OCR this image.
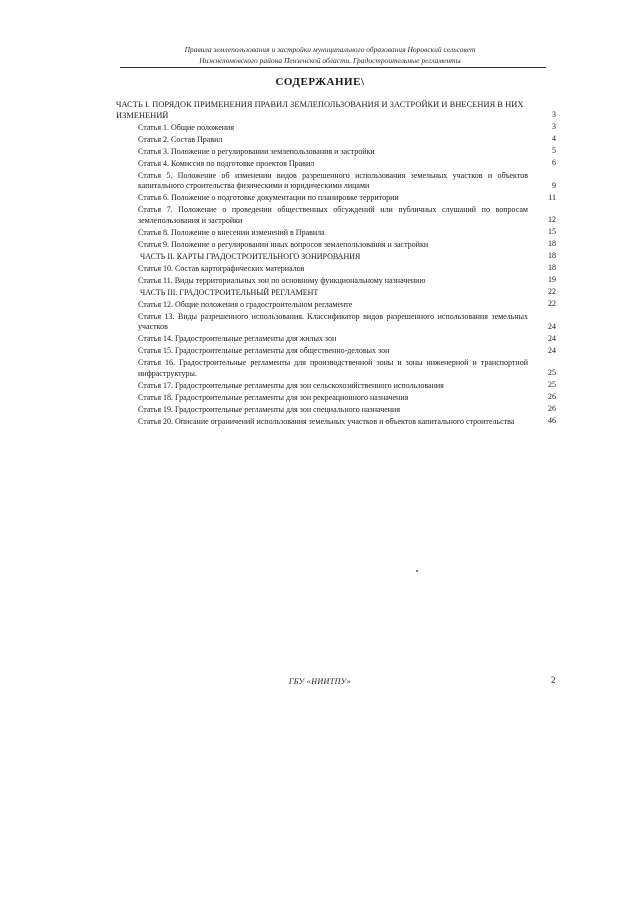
Правила землепользования и застройки муниципального образования Норовский сельсовет
Нижнеломовского района Пензенской области. Градостроительные регламенты
СОДЕРЖАНИЕ\
ЧАСТЬ I. ПОРЯДОК ПРИМЕНЕНИЯ ПРАВИЛ ЗЕМЛЕПОЛЬЗОВАНИЯ И ЗАСТРОЙКИ И ВНЕСЕНИЯ В НИХ ИЗМЕНЕНИЙ	3
Статья 1. Общие положения	3
Статья 2. Состав Правил	4
Статья 3. Положение о регулировании землепользования и застройки	5
Статья 4. Комиссия по подготовке проектов Правил	6
Статья 5. Положение об изменении видов разрешенного использования земельных участков и объектов капитального строительства физическими и юридическими лицами	9
Статья 6. Положение о подготовке документации по планировке территории	11
Статья 7. Положение о проведении общественных обсуждений или публичных слушаний по вопросам землепользования и застройки	12
Статья 8. Положение о внесении изменений в Правила	15
Статья 9. Положение о регулировании иных вопросов землепользования и застройки	18
ЧАСТЬ II. КАРТЫ ГРАДОСТРОИТЕЛЬНОГО ЗОНИРОВАНИЯ	18
Статья 10. Состав картографических материалов	18
Статья 11. Виды территориальных зон по основному функциональному назначению	19
ЧАСТЬ III. ГРАДОСТРОИТЕЛЬНЫЙ РЕГЛАМЕНТ	22
Статья 12. Общие положения о градостроительном регламенте	22
Статья 13. Виды разрешенного использования. Классификатор видов разрешенного использования земельных участков	24
Статья 14. Градостроительные регламенты для жилых зон	24
Статья 15. Градостроительные регламенты для общественно-деловых зон	24
Статья 16. Градостроительные регламенты для производственной зоны и зоны инженерной и транспортной инфраструктуры.	25
Статья 17. Градостроительные регламенты для зон сельскохозяйственного использования	25
Статья 18. Градостроительные регламенты для зон рекреационного назначения	26
Статья 19. Градостроительные регламенты для зон специального назначения	26
Статья 20. Описание ограничений использования земельных участков и объектов капитального строительства	46
ГБУ «НИИТПУ»	2
